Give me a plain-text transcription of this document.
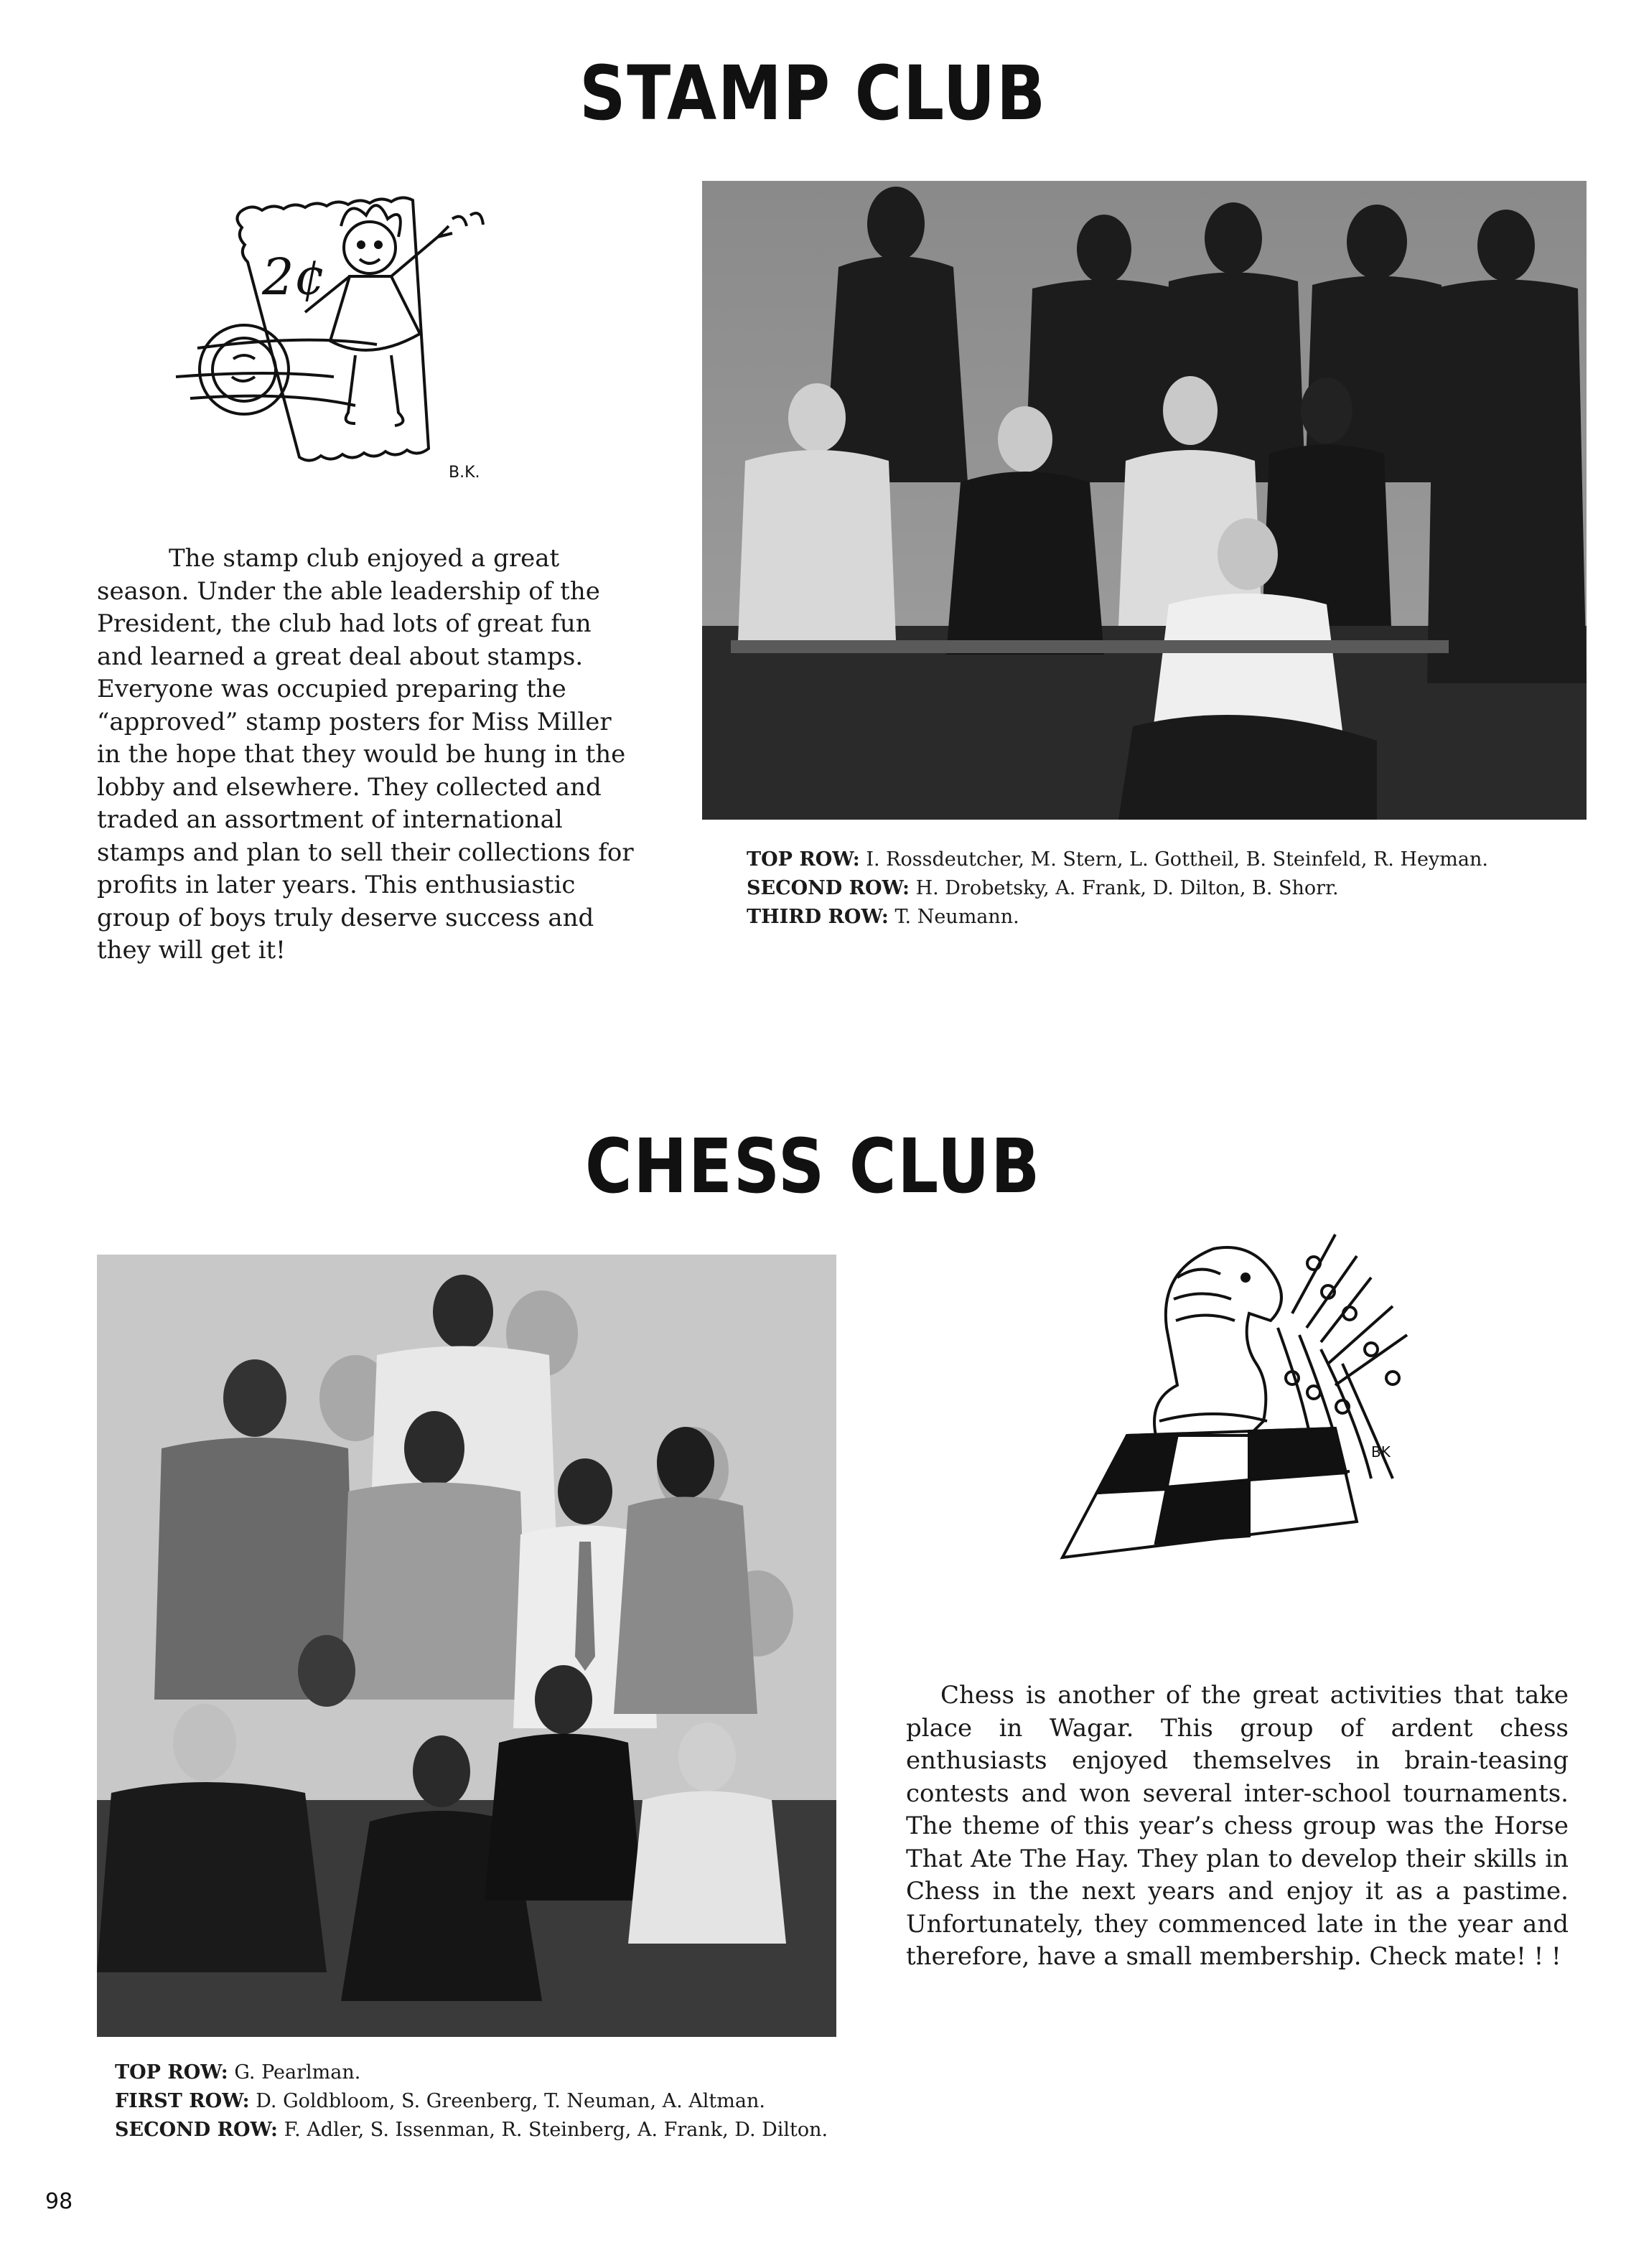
STAMP CLUB
2¢
B.K.
The stamp club enjoyed a great season. Under the able leadership of the President, the club had lots of great fun and learned a great deal about stamps. Everyone was occupied preparing the “approved” stamp posters for Miss Miller in the hope that they would be hung in the lobby and elsewhere. They collected and traded an assortment of international stamps and plan to sell their collections for profits in later years. This enthusiastic group of boys truly deserve success and they will get it!
TOP ROW: I. Rossdeutcher, M. Stern, L. Gottheil, B. Steinfeld, R. Heyman.
SECOND ROW: H. Drobetsky, A. Frank, D. Dilton, B. Shorr.
THIRD ROW: T. Neumann.
CHESS CLUB
BK
Chess is another of the great activities that take place in Wagar. This group of ardent chess enthusiasts enjoyed themselves in brain-teasing contests and won several inter-school tournaments. The theme of this year’s chess group was the Horse That Ate The Hay. They plan to develop their skills in Chess in the next years and enjoy it as a pastime. Unfortunately, they commenced late in the year and therefore, have a small membership. Check mate! ! !
TOP ROW: G. Pearlman.
FIRST ROW: D. Goldbloom, S. Greenberg, T. Neuman, A. Altman.
SECOND ROW: F. Adler, S. Issenman, R. Steinberg, A. Frank, D. Dilton.
98
